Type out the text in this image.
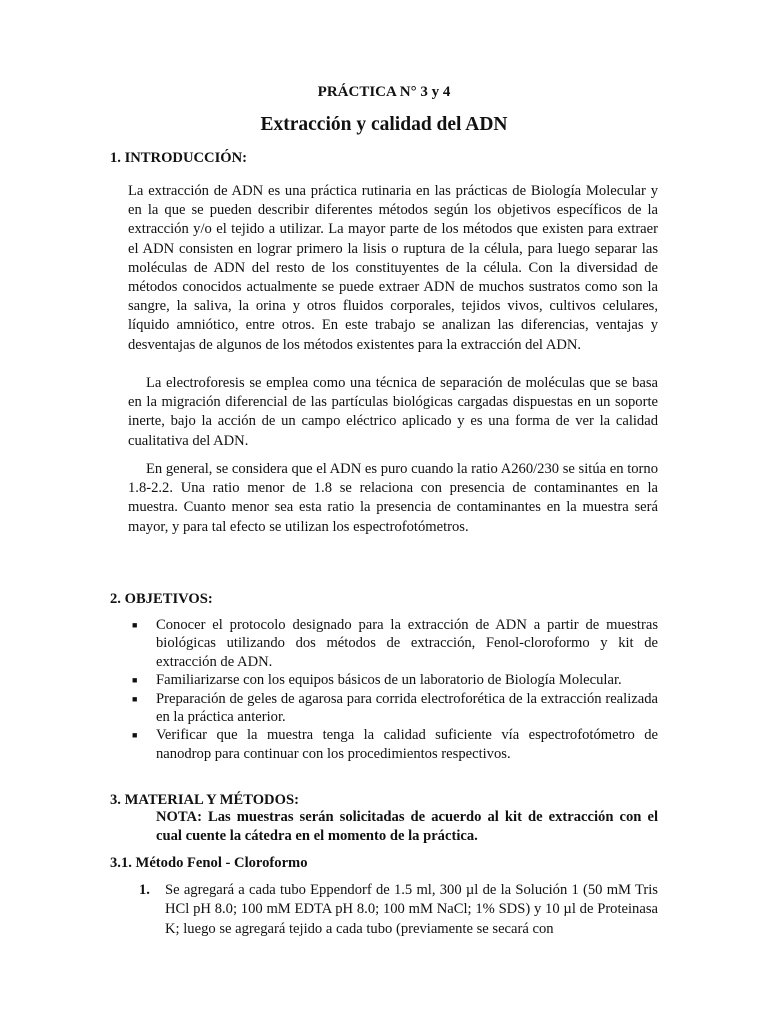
PRÁCTICA N° 3 y 4
Extracción y calidad del ADN
1. INTRODUCCIÓN:

La extracción de ADN es una práctica rutinaria en las prácticas de Biología Molecular y en la que se pueden describir diferentes métodos según los objetivos específicos de la extracción y/o el tejido a utilizar. La mayor parte de los métodos que existen para extraer el ADN consisten en lograr primero la lisis o ruptura de la célula, para luego separar las moléculas de ADN del resto de los constituyentes de la célula. Con la diversidad de métodos conocidos actualmente se puede extraer ADN de muchos sustratos como son la sangre, la saliva, la orina y otros fluidos corporales, tejidos vivos, cultivos celulares, líquido amniótico, entre otros. En este trabajo se analizan las diferencias, ventajas y desventajas de algunos de los métodos existentes para la extracción del ADN.

La electroforesis se emplea como una técnica de separación de moléculas que se basa en la migración diferencial de las partículas biológicas cargadas dispuestas en un soporte inerte, bajo la acción de un campo eléctrico aplicado y es una forma de ver la calidad cualitativa del ADN.

En general, se considera que el ADN es puro cuando la ratio A260/230 se sitúa en torno 1.8-2.2. Una ratio menor de 1.8 se relaciona con presencia de contaminantes en la muestra. Cuanto menor sea esta ratio la presencia de contaminantes en la muestra será mayor, y para tal efecto se utilizan los espectrofotómetros.

2. OBJETIVOS:
■ Conocer el protocolo designado para la extracción de ADN a partir de muestras biológicas utilizando dos métodos de extracción, Fenol-cloroformo y kit de extracción de ADN.
■ Familiarizarse con los equipos básicos de un laboratorio de Biología Molecular.
■ Preparación de geles de agarosa para corrida electroforética de la extracción realizada en la práctica anterior.
■ Verificar que la muestra tenga la calidad suficiente vía espectrofotómetro de nanodrop para continuar con los procedimientos respectivos.
3. MATERIAL Y MÉTODOS:
NOTA: Las muestras serán solicitadas de acuerdo al kit de extracción con el cual cuente la cátedra en el momento de la práctica.
3.1. Método Fenol - Cloroformo
1. Se agregará a cada tubo Eppendorf de 1.5 ml, 300 µl de la Solución 1 (50 mM Tris HCl pH 8.0; 100 mM EDTA pH 8.0; 100 mM NaCl; 1% SDS) y 10 µl de Proteinasa K; luego se agregará tejido a cada tubo (previamente se secará con
